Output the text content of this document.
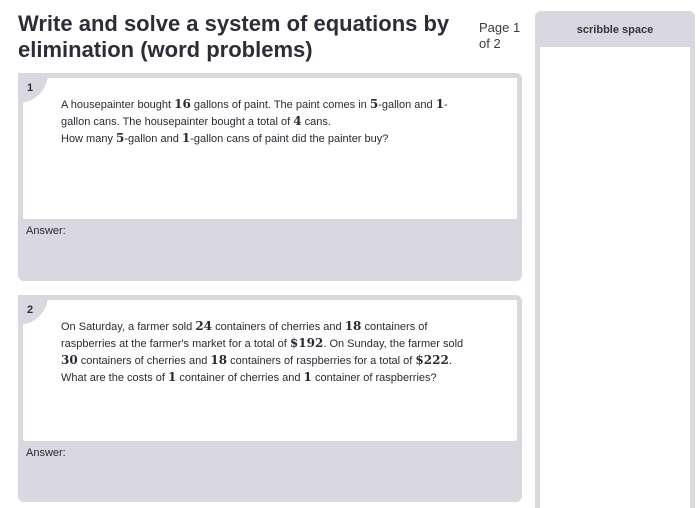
Write and solve a system of equations by elimination (word problems)
Page 1 of 2
scribble space
A housepainter bought 16 gallons of paint. The paint comes in 5-gallon and 1-
gallon cans. The housepainter bought a total of 4 cans.
How many 5-gallon and 1-gallon cans of paint did the painter buy?
1
Answer:
On Saturday, a farmer sold 24 containers of cherries and 18 containers of
raspberries at the farmer's market for a total of $192. On Sunday, the farmer sold
30 containers of cherries and 18 containers of raspberries for a total of $222.
What are the costs of 1 container of cherries and 1 container of raspberries?
2
Answer:
